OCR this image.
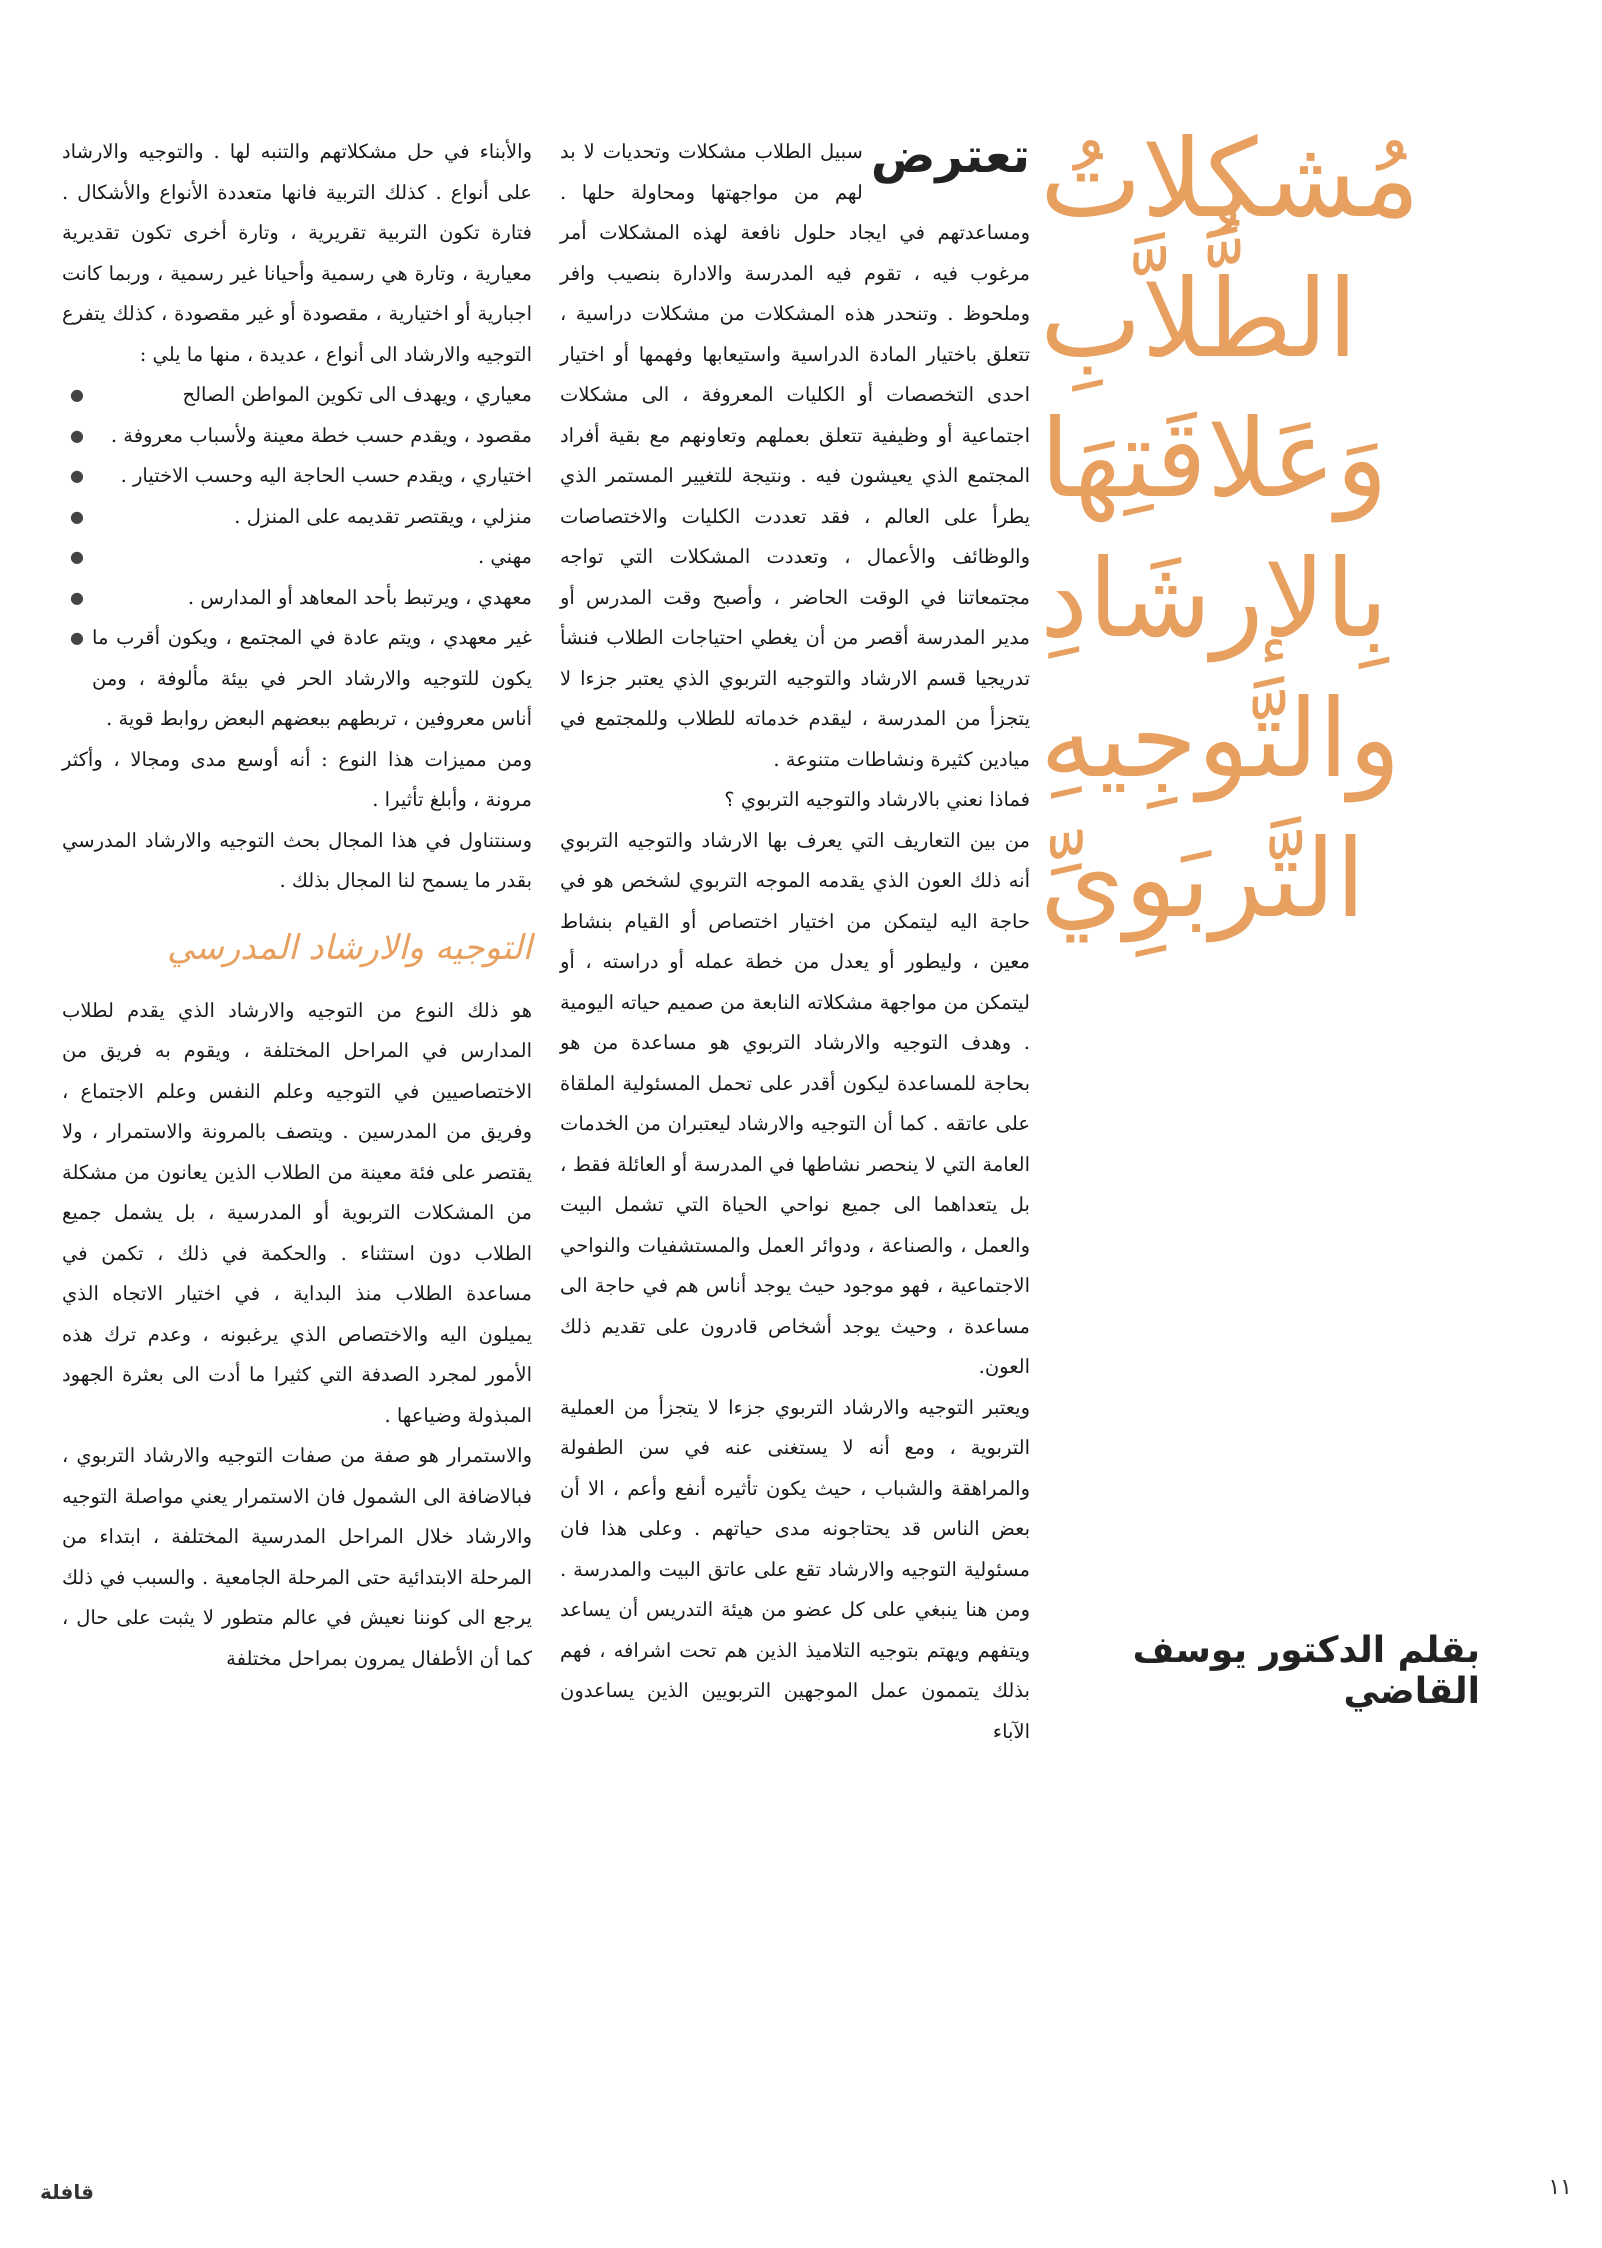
مُشكِلاتُ
الطُّلاَّبِ
وَعَلاقَتِهَا
بِالإرشَادِ
والتَّوجِيهِ
التَّربَوِيِّ
بقلم الدكتور يوسف القاضي

تعترض
سبيل الطلاب مشكلات وتحديات لا بد لهم من مواجهتها ومحاولة حلها . ومساعدتهم في ايجاد حلول نافعة لهذه المشكلات أمر مرغوب فيه ، تقوم فيه المدرسة والادارة بنصيب وافر وملحوظ . وتنحدر هذه المشكلات من مشكلات دراسية ، تتعلق باختيار المادة الدراسية واستيعابها وفهمها أو اختيار احدى التخصصات أو الكليات المعروفة ، الى مشكلات اجتماعية أو وظيفية تتعلق بعملهم وتعاونهم مع بقية أفراد المجتمع الذي يعيشون فيه . ونتيجة للتغيير المستمر الذي يطرأ على العالم ، فقد تعددت الكليات والاختصاصات والوظائف والأعمال ، وتعددت المشكلات التي تواجه مجتمعاتنا في الوقت الحاضر ، وأصبح وقت المدرس أو مدير المدرسة أقصر من أن يغطي احتياجات الطلاب فنشأ تدريجيا قسم الارشاد والتوجيه التربوي الذي يعتبر جزءا لا يتجزأ من المدرسة ، ليقدم خدماته للطلاب وللمجتمع في ميادين كثيرة ونشاطات متنوعة .

فماذا نعني بالارشاد والتوجيه التربوي ؟

من بين التعاريف التي يعرف بها الارشاد والتوجيه التربوي أنه ذلك العون الذي يقدمه الموجه التربوي لشخص هو في حاجة اليه ليتمكن من اختيار اختصاص أو القيام بنشاط معين ، وليطور أو يعدل من خطة عمله أو دراسته ، أو ليتمكن من مواجهة مشكلاته النابعة من صميم حياته اليومية . وهدف التوجيه والارشاد التربوي هو مساعدة من هو بحاجة للمساعدة ليكون أقدر على تحمل المسئولية الملقاة على عاتقه . كما أن التوجيه والارشاد ليعتبران من الخدمات العامة التي لا ينحصر نشاطها في المدرسة أو العائلة فقط ، بل يتعداهما الى جميع نواحي الحياة التي تشمل البيت والعمل ، والصناعة ، ودوائر العمل والمستشفيات والنواحي الاجتماعية ، فهو موجود حيث يوجد أناس هم في حاجة الى مساعدة ، وحيث يوجد أشخاص قادرون على تقديم ذلك العون.

ويعتبر التوجيه والارشاد التربوي جزءا لا يتجزأ من العملية التربوية ، ومع أنه لا يستغنى عنه في سن الطفولة والمراهقة والشباب ، حيث يكون تأثيره أنفع وأعم ، الا أن بعض الناس قد يحتاجونه مدى حياتهم . وعلى هذا فان مسئولية التوجيه والارشاد تقع على عاتق البيت والمدرسة . ومن هنا ينبغي على كل عضو من هيئة التدريس أن يساعد ويتفهم ويهتم بتوجيه التلاميذ الذين هم تحت اشرافه ، فهم بذلك يتممون عمل الموجهين التربويين الذين يساعدون الآباء

والأبناء في حل مشكلاتهم والتنبه لها . والتوجيه والارشاد على أنواع . كذلك التربية فانها متعددة الأنواع والأشكال . فتارة تكون التربية تقريرية ، وتارة أخرى تكون تقديرية معيارية ، وتارة هي رسمية وأحيانا غير رسمية ، وربما كانت اجبارية أو اختيارية ، مقصودة أو غير مقصودة ، كذلك يتفرع التوجيه والارشاد الى أنواع ، عديدة ، منها ما يلي :

●	معياري ، ويهدف الى تكوين المواطن الصالح
●	مقصود ، ويقدم حسب خطة معينة ولأسباب معروفة .
●	اختياري ، ويقدم حسب الحاجة اليه وحسب الاختيار .
●	منزلي ، ويقتصر تقديمه على المنزل .
●	مهني .
●	معهدي ، ويرتبط بأحد المعاهد أو المدارس .
● غير معهدي ، ويتم عادة في المجتمع ، ويكون أقرب ما يكون للتوجيه والارشاد الحر في بيئة مألوفة ، ومن أناس معروفين ، تربطهم ببعضهم البعض روابط قوية .

ومن مميزات هذا النوع : أنه أوسع مدى ومجالا ، وأكثر مرونة ، وأبلغ تأثيرا .

وسنتناول في هذا المجال بحث التوجيه والارشاد المدرسي بقدر ما يسمح لنا المجال بذلك .

التوجيه والارشاد المدرسي

هو ذلك النوع من التوجيه والارشاد الذي يقدم لطلاب المدارس في المراحل المختلفة ، ويقوم به فريق من الاختصاصيين في التوجيه وعلم النفس وعلم الاجتماع ، وفريق من المدرسين . ويتصف بالمرونة والاستمرار ، ولا يقتصر على فئة معينة من الطلاب الذين يعانون من مشكلة من المشكلات التربوية أو المدرسية ، بل يشمل جميع الطلاب دون استثناء . والحكمة في ذلك ، تكمن في مساعدة الطلاب منذ البداية ، في اختيار الاتجاه الذي يميلون اليه والاختصاص الذي يرغبونه ، وعدم ترك هذه الأمور لمجرد الصدفة التي كثيرا ما أدت الى بعثرة الجهود المبذولة وضياعها .

والاستمرار هو صفة من صفات التوجيه والارشاد التربوي ، فبالاضافة الى الشمول فان الاستمرار يعني مواصلة التوجيه والارشاد خلال المراحل المدرسية المختلفة ، ابتداء من المرحلة الابتدائية حتى المرحلة الجامعية . والسبب في ذلك يرجع الى كوننا نعيش في عالم متطور لا يثبت على حال ، كما أن الأطفال يمرون بمراحل مختلفة

١١
قافلة
